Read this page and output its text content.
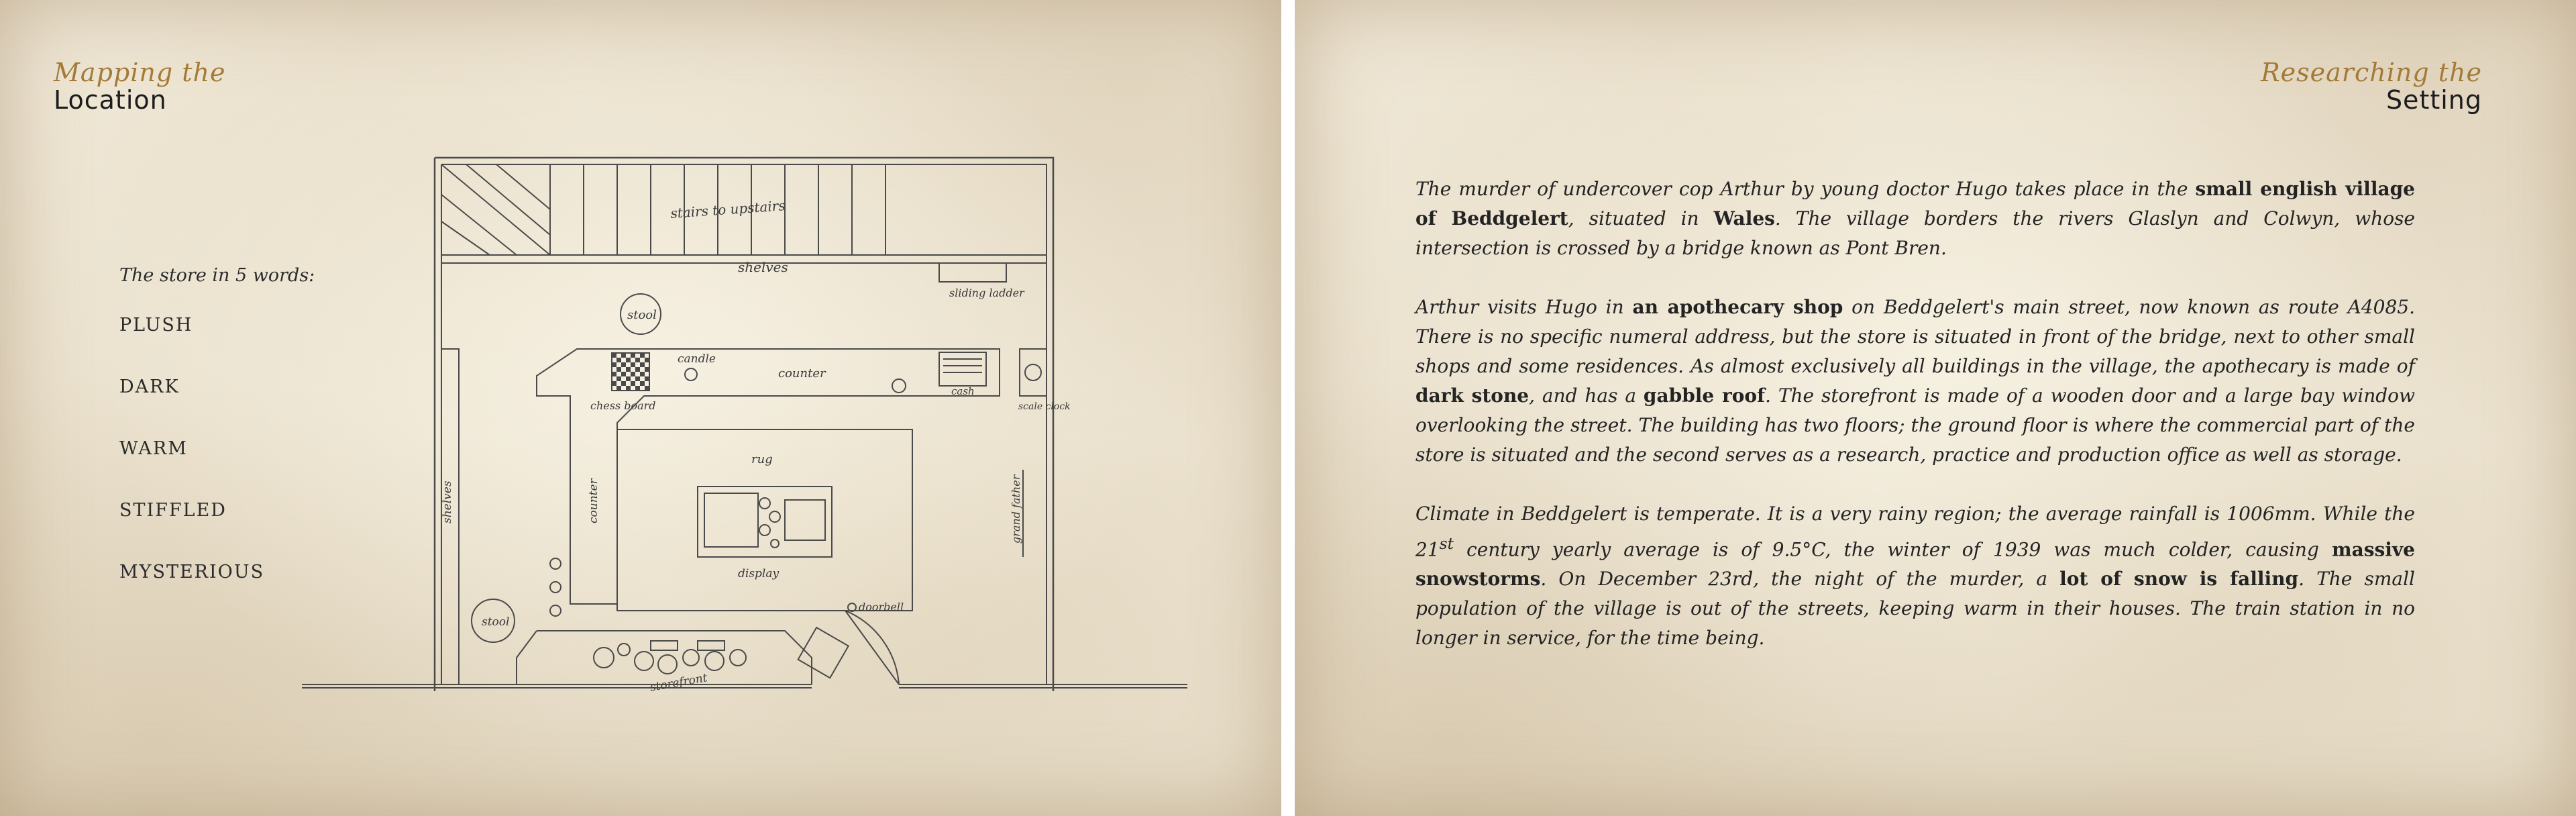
Mapping the
Location
The store in 5 words:
PLUSH
DARK
WARM
STIFFLED
MYSTERIOUS
stairs to upstairs
shelves
sliding ladder
stool
candle
counter
cash
scale clock
chess board
rug
display
shelves	counter
stool
doorbell
storefront
grand father
Researching the
Setting

The murder of undercover cop Arthur by young doctor Hugo takes place in the small english village of Beddgelert, situated in Wales. The village borders the rivers Glaslyn and Colwyn, whose intersection is crossed by a bridge known as Pont Bren.

Arthur visits Hugo in an apothecary shop on Beddgelert's main street, now known as route A4085. There is no specific numeral address, but the store is situated in front of the bridge, next to other small shops and some residences. As almost exclusively all buildings in the village, the apothecary is made of dark stone, and has a gabble roof. The storefront is made of a wooden door and a large bay window overlooking the street. The building has two floors; the ground floor is where the commercial part of the store is situated and the second serves as a research, practice and production office as well as storage.

Climate in Beddgelert is temperate. It is a very rainy region; the average rainfall is 1006mm. While the 21st century yearly average is of 9.5°C, the winter of 1939 was much colder, causing massive snowstorms. On December 23rd, the night of the murder, a lot of snow is falling. The small population of the village is out of the streets, keeping warm in their houses. The train station in no longer in service, for the time being.
